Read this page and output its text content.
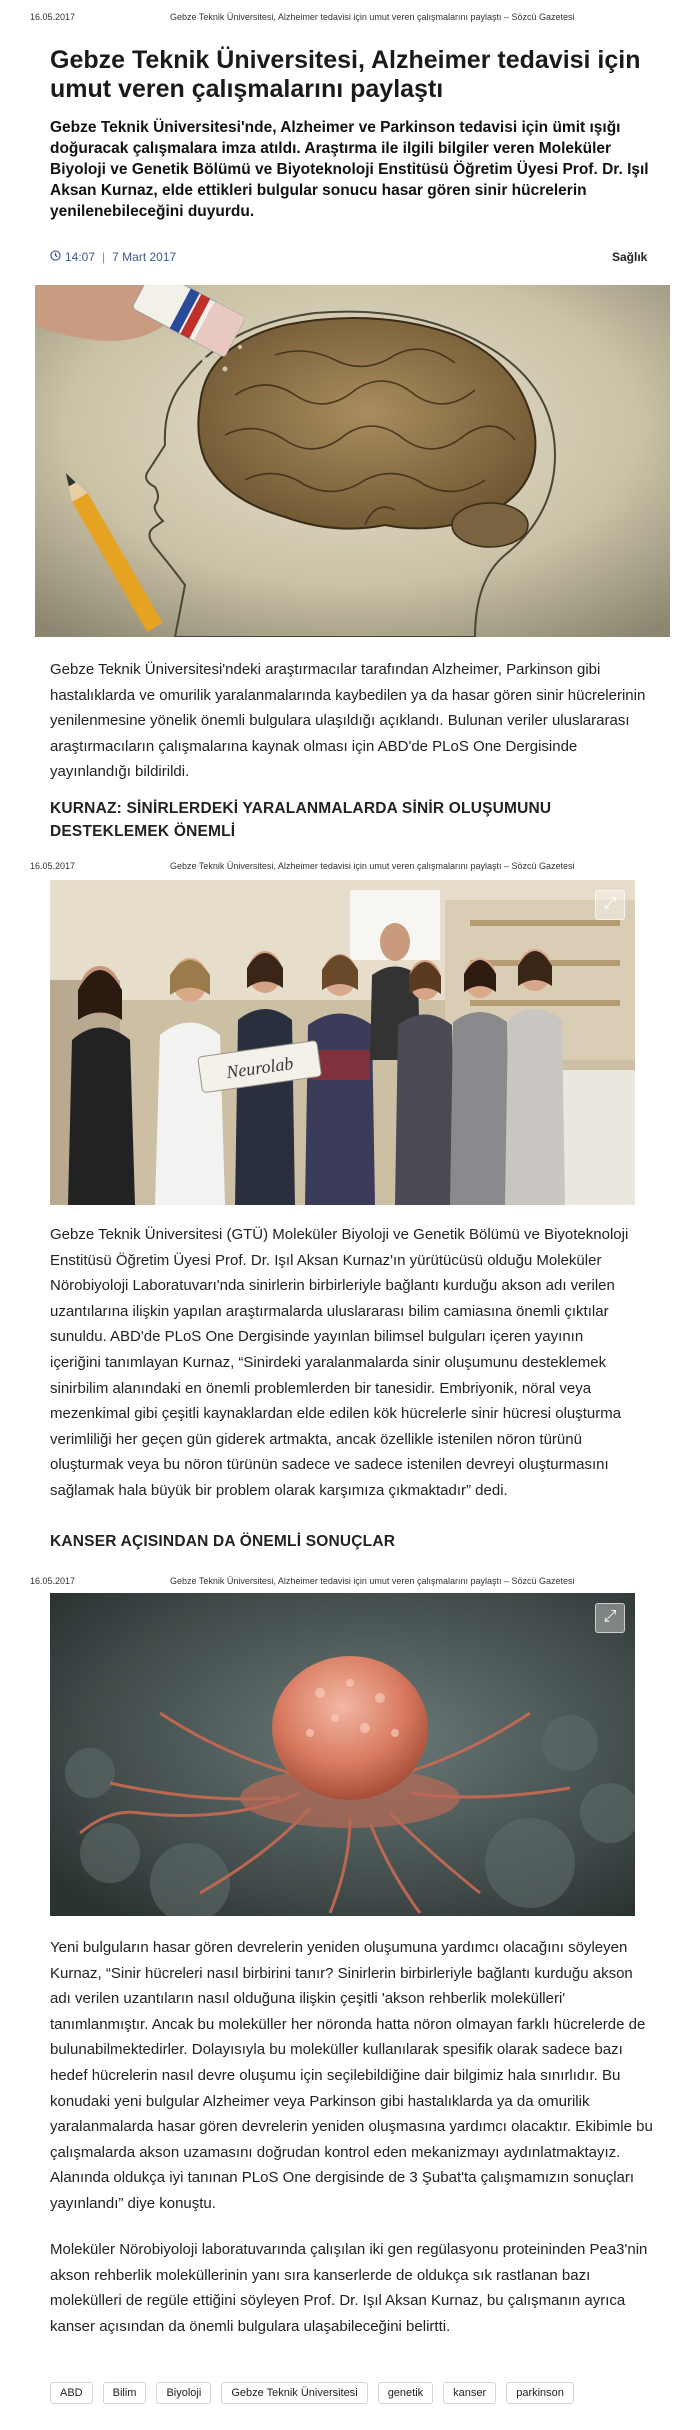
16.05.2017	Gebze Teknik Üniversitesi, Alzheimer tedavisi için umut veren çalışmalarını paylaştı – Sözcü Gazetesi
16.05.2017	Gebze Teknik Üniversitesi, Alzheimer tedavisi için umut veren çalışmalarını paylaştı – Sözcü Gazetesi
16.05.2017	Gebze Teknik Üniversitesi, Alzheimer tedavisi için umut veren çalışmalarını paylaştı – Sözcü Gazetesi
Gebze Teknik Üniversitesi, Alzheimer tedavisi için umut veren çalışmalarını paylaştı

Gebze Teknik Üniversitesi'nde, Alzheimer ve Parkinson tedavisi için ümit ışığı doğuracak çalışmalara imza atıldı. Araştırma ile ilgili bilgiler veren Moleküler Biyoloji ve Genetik Bölümü ve Biyoteknoloji Enstitüsü Öğretim Üyesi Prof. Dr. Işıl Aksan Kurnaz, elde ettikleri bulgular sonucu hasar gören sinir hücrelerin yenilenebileceğini duyurdu.

14:07 | 7 Mart 2017	Sağlık

Gebze Teknik Üniversitesi'ndeki araştırmacılar tarafından Alzheimer, Parkinson gibi hastalıklarda ve omurilik yaralanmalarında kaybedilen ya da hasar gören sinir hücrelerinin yenilenmesine yönelik önemli bulgulara ulaşıldığı açıklandı. Bulunan veriler uluslararası araştırmacıların çalışmalarına kaynak olması için ABD'de PLoS One Dergisinde yayınlandığı bildirildi.

KURNAZ: SİNİRLERDEKİ YARALANMALARDA SİNİR OLUŞUMUNU DESTEKLEMEK ÖNEMLİ
Neurolab
⤢

Gebze Teknik Üniversitesi (GTÜ) Moleküler Biyoloji ve Genetik Bölümü ve Biyoteknoloji Enstitüsü Öğretim Üyesi Prof. Dr. Işıl Aksan Kurnaz'ın yürütücüsü olduğu Moleküler Nörobiyoloji Laboratuvarı'nda sinirlerin birbirleriyle bağlantı kurduğu akson adı verilen uzantılarına ilişkin yapılan araştırmalarda uluslararası bilim camiasına önemli çıktılar sunuldu. ABD'de PLoS One Dergisinde yayınlan bilimsel bulguları içeren yayının içeriğini tanımlayan Kurnaz, “Sinirdeki yaralanmalarda sinir oluşumunu desteklemek sinirbilim alanındaki en önemli problemlerden bir tanesidir. Embriyonik, nöral veya mezenkimal gibi çeşitli kaynaklardan elde edilen kök hücrelerle sinir hücresi oluşturma verimliliği her geçen gün giderek artmakta, ancak özellikle istenilen nöron türünü oluşturmak veya bu nöron türünün sadece ve sadece istenilen devreyi oluşturmasını sağlamak hala büyük bir problem olarak karşımıza çıkmaktadır” dedi.

KANSER AÇISINDAN DA ÖNEMLİ SONUÇLAR
⤢

Yeni bulguların hasar gören devrelerin yeniden oluşumuna yardımcı olacağını söyleyen Kurnaz, “Sinir hücreleri nasıl birbirini tanır? Sinirlerin birbirleriyle bağlantı kurduğu akson adı verilen uzantıların nasıl olduğuna ilişkin çeşitli 'akson rehberlik molekülleri' tanımlanmıştır. Ancak bu moleküller her nöronda hatta nöron olmayan farklı hücrelerde de bulunabilmektedirler. Dolayısıyla bu moleküller kullanılarak spesifik olarak sadece bazı hedef hücrelerin nasıl devre oluşumu için seçilebildiğine dair bilgimiz hala sınırlıdır. Bu konudaki yeni bulgular Alzheimer veya Parkinson gibi hastalıklarda ya da omurilik yaralanmalarda hasar gören devrelerin yeniden oluşmasına yardımcı olacaktır. Ekibimle bu çalışmalarda akson uzamasını doğrudan kontrol eden mekanizmayı aydınlatmaktayız. Alanında oldukça iyi tanınan PLoS One dergisinde de 3 Şubat'ta çalışmamızın sonuçları yayınlandı” diye konuştu.

Moleküler Nörobiyoloji laboratuvarında çalışılan iki gen regülasyonu proteininden Pea3'nin akson rehberlik moleküllerinin yanı sıra kanserlerde de oldukça sık rastlanan bazı molekülleri de regüle ettiğini söyleyen Prof. Dr. Işıl Aksan Kurnaz, bu çalışmanın ayrıca kanser açısından da önemli bulgulara ulaşabileceğini belirtti.

ABD	Bilim	Biyoloji	Gebze Teknik Üniversitesi	genetik	kanser	parkinson
